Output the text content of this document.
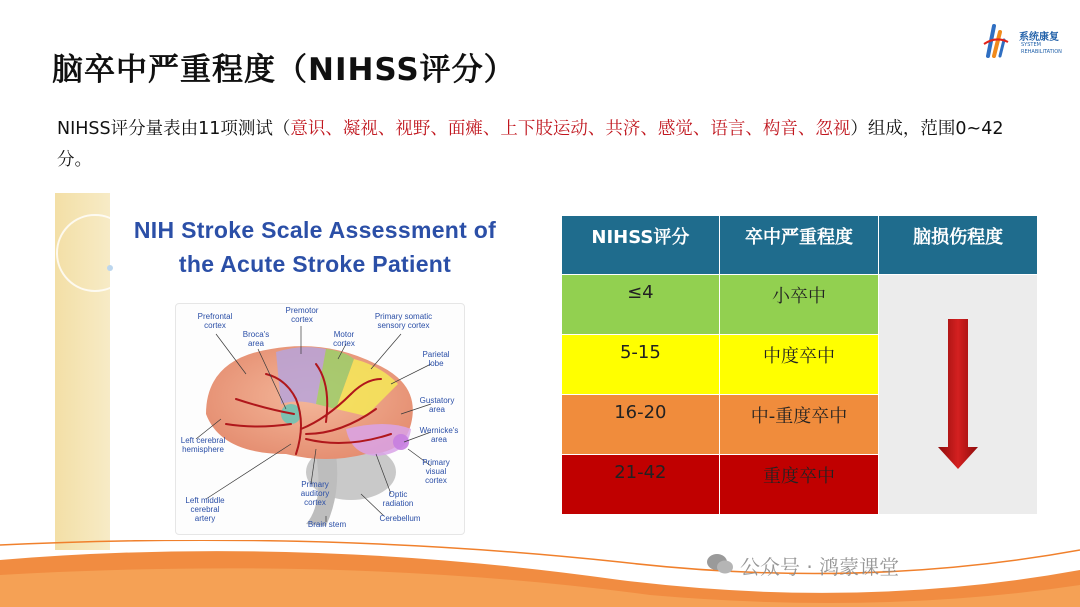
脑卒中严重程度（NIHSS评分）
系统康复
SYSTEM
REHABILITATION
NIHSS评分量表由11项测试（意识、凝视、视野、面瘫、上下肢运动、共济、感觉、语言、构音、忽视）组成，范围0~42分。
NIH Stroke Scale Assessment of
the Acute Stroke Patient
Prefrontal cortex
Premotor cortex	Primary somatic sensory cortex
Broca's area
Motor cortex
Parietal lobe
Gustatory area
Wernicke's area
Left cerebral hemisphere
Primary visual cortex
Primary auditory cortex
Left middle cerebral artery
Optic radiation
Brain stem
Cerebellum
NIHSS评分	卒中严重程度	脑损伤程度
≤4	小卒中	

5-15	中度卒中	
16-20	中-重度卒中	
21-42	重度卒中	
公众号 · 鸿蒙课堂
